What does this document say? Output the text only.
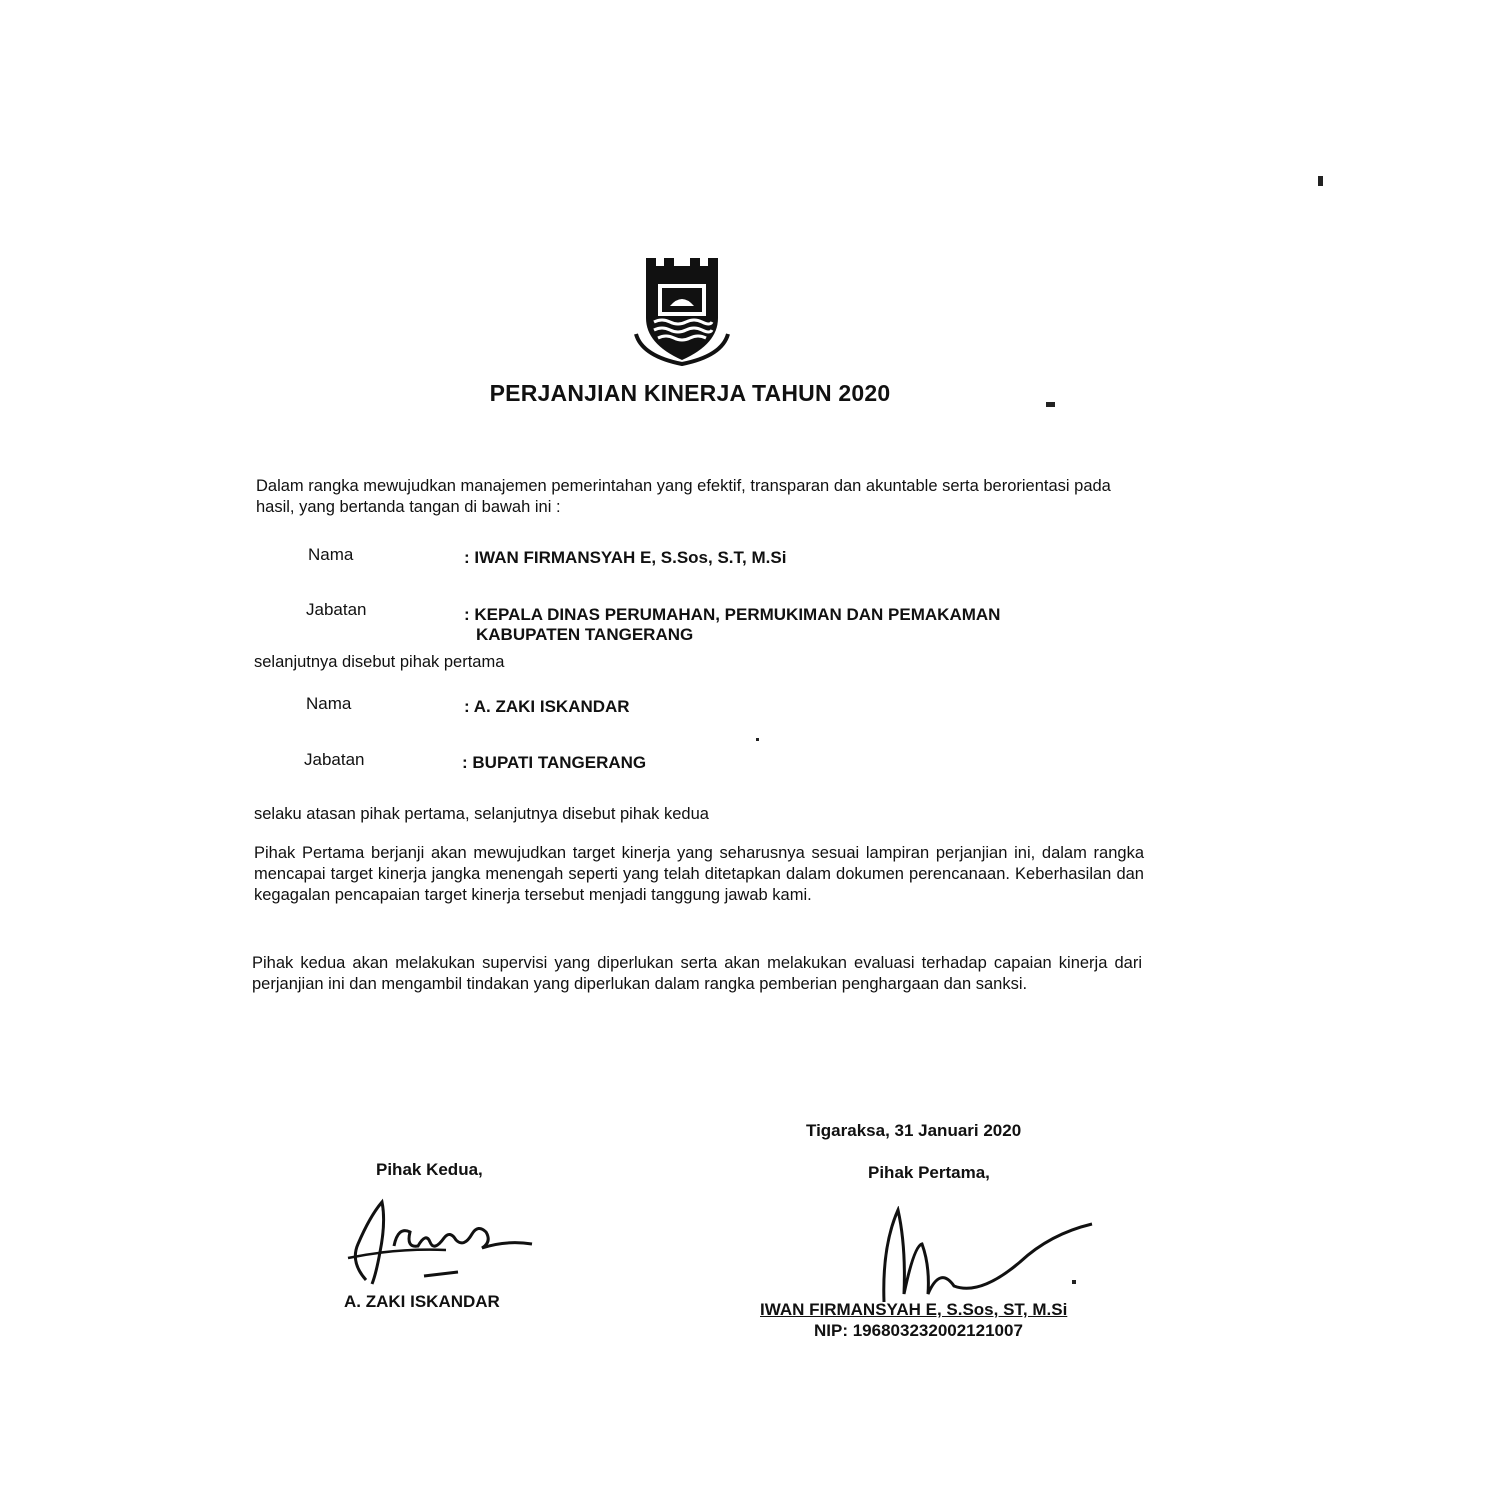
PERJANJIAN KINERJA TAHUN 2020
Dalam rangka mewujudkan manajemen pemerintahan yang efektif, transparan dan akuntable serta berorientasi pada hasil, yang bertanda tangan di bawah ini :
Nama	: IWAN FIRMANSYAH E, S.Sos, S.T, M.Si
Jabatan	: KEPALA DINAS PERUMAHAN, PERMUKIMAN DAN PEMAKAMAN
KABUPATEN TANGERANG
selanjutnya disebut pihak pertama
Nama	: A. ZAKI ISKANDAR
Jabatan	: BUPATI TANGERANG
selaku atasan pihak pertama, selanjutnya disebut pihak kedua
Pihak Pertama berjanji akan mewujudkan target kinerja yang seharusnya sesuai lampiran perjanjian ini, dalam rangka mencapai target kinerja jangka menengah seperti yang telah ditetapkan dalam dokumen perencanaan. Keberhasilan dan kegagalan pencapaian target kinerja tersebut menjadi tanggung jawab kami.
Pihak kedua akan melakukan supervisi yang diperlukan serta akan melakukan evaluasi terhadap capaian kinerja dari perjanjian ini dan mengambil tindakan yang diperlukan dalam rangka pemberian penghargaan dan sanksi.
Tigaraksa, 31 Januari 2020
Pihak Kedua,	Pihak Pertama,
A. ZAKI ISKANDAR	IWAN FIRMANSYAH E, S.Sos, ST, M.Si
NIP: 196803232002121007
